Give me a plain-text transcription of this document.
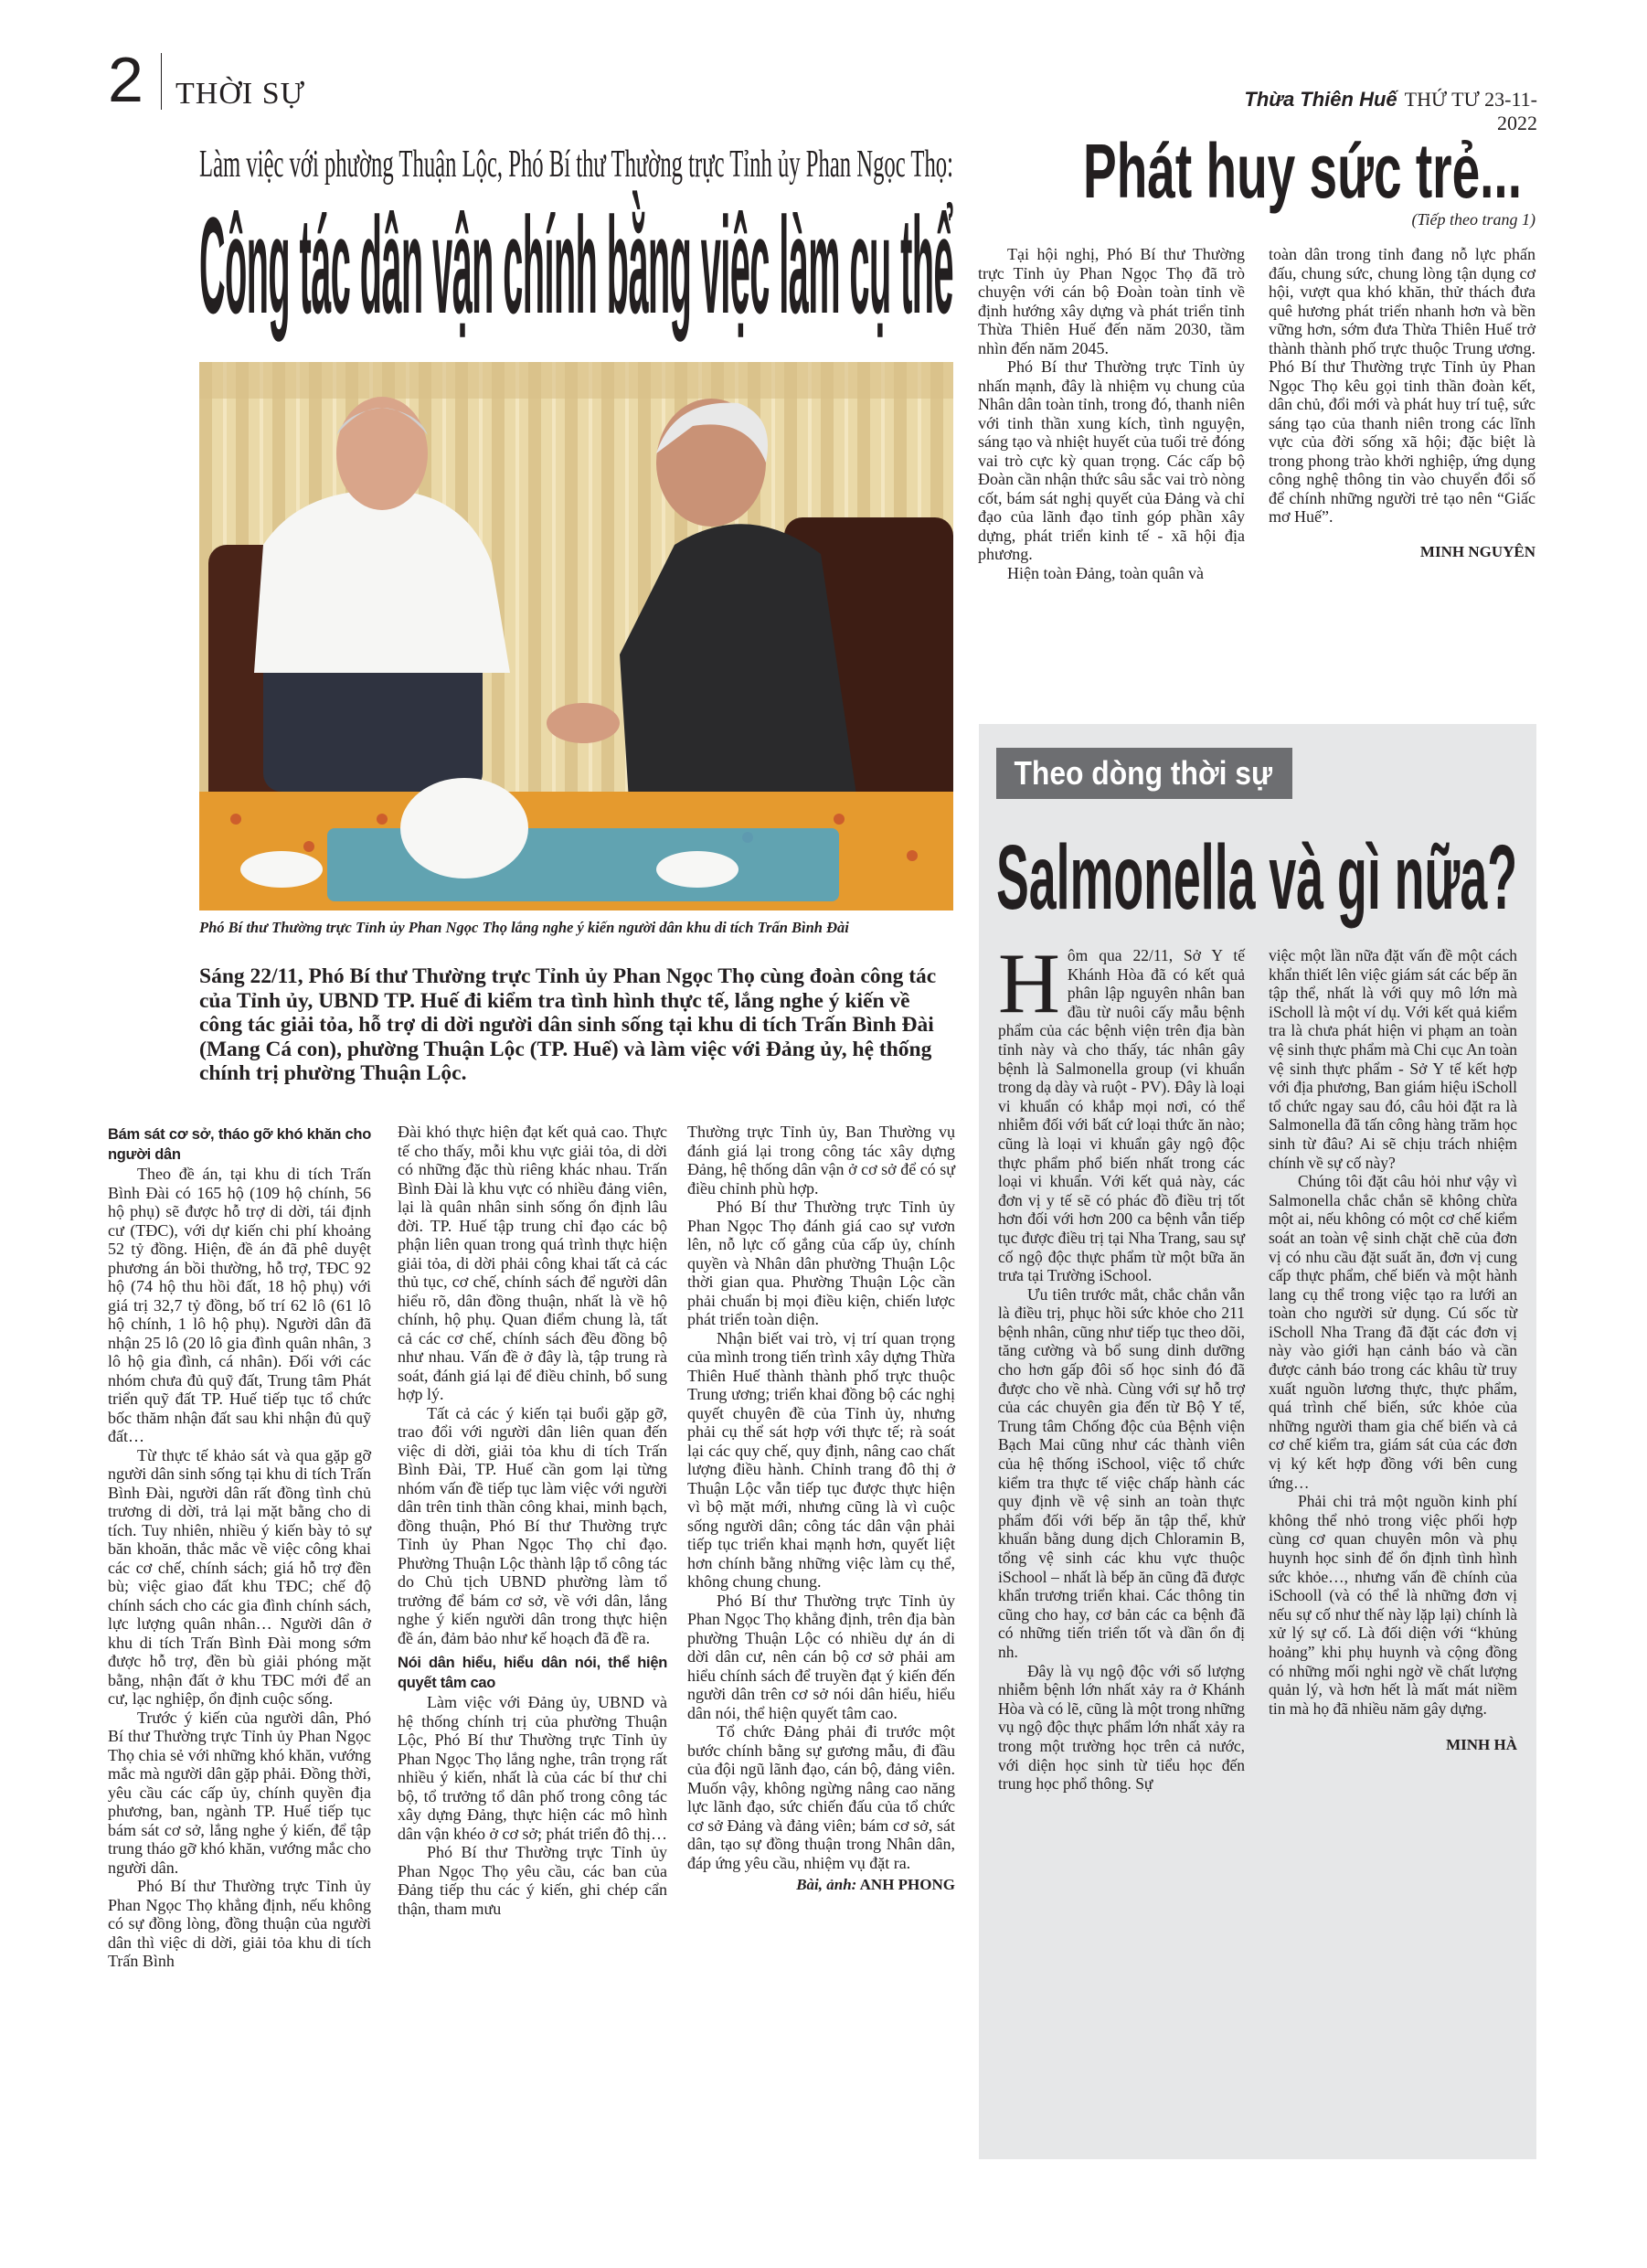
2 THỜI SỰ	Thừa Thiên Huế THỨ TƯ 23-11-2022
Làm việc với phường Thuận Lộc, Phó Bí thư Thường trực Tỉnh ủy Phan Ngọc Thọ:
Công tác dân vận chính bằng việc làm cụ thể
Phó Bí thư Thường trực Tỉnh ủy Phan Ngọc Thọ lắng nghe ý kiến người dân khu di tích Trấn Bình Đài
Sáng 22/11, Phó Bí thư Thường trực Tỉnh ủy Phan Ngọc Thọ cùng đoàn công tác của Tỉnh ủy, UBND TP. Huế đi kiểm tra tình hình thực tế, lắng nghe ý kiến về công tác giải tỏa, hỗ trợ di dời người dân sinh sống tại khu di tích Trấn Bình Đài (Mang Cá con), phường Thuận Lộc (TP. Huế) và làm việc với Đảng ủy, hệ thống chính trị phường Thuận Lộc.
Bám sát cơ sở, tháo gỡ khó khăn cho người dân

Theo đề án, tại khu di tích Trấn Bình Đài có 165 hộ (109 hộ chính, 56 hộ phụ) sẽ được hỗ trợ di dời, tái định cư (TĐC), với dự kiến chi phí khoảng 52 tỷ đồng. Hiện, đề án đã phê duyệt phương án bồi thường, hỗ trợ, TĐC 92 hộ (74 hộ thu hồi đất, 18 hộ phụ) với giá trị 32,7 tỷ đồng, bố trí 62 lô (61 lô hộ chính, 1 lô hộ phụ). Người dân đã nhận 25 lô (20 lô gia đình quân nhân, 3 lô hộ gia đình, cá nhân). Đối với các nhóm chưa đủ quỹ đất, Trung tâm Phát triển quỹ đất TP. Huế tiếp tục tổ chức bốc thăm nhận đất sau khi nhận đủ quỹ đất…

Từ thực tế khảo sát và qua gặp gỡ người dân sinh sống tại khu di tích Trấn Bình Đài, người dân rất đồng tình chủ trương di dời, trả lại mặt bằng cho di tích. Tuy nhiên, nhiều ý kiến bày tỏ sự băn khoăn, thắc mắc về việc công khai các cơ chế, chính sách; giá hỗ trợ đền bù; việc giao đất khu TĐC; chế độ chính sách cho các gia đình chính sách, lực lượng quân nhân… Người dân ở khu di tích Trấn Bình Đài mong sớm được hỗ trợ, đền bù giải phóng mặt bằng, nhận đất ở khu TĐC mới để an cư, lạc nghiệp, ổn định cuộc sống.

Trước ý kiến của người dân, Phó Bí thư Thường trực Tỉnh ủy Phan Ngọc Thọ chia sẻ với những khó khăn, vướng mắc mà người dân gặp phải. Đồng thời, yêu cầu các cấp ủy, chính quyền địa phương, ban, ngành TP. Huế tiếp tục bám sát cơ sở, lắng nghe ý kiến, để tập trung tháo gỡ khó khăn, vướng mắc cho người dân.

Phó Bí thư Thường trực Tỉnh ủy Phan Ngọc Thọ khẳng định, nếu không có sự đồng lòng, đồng thuận của người dân thì việc di dời, giải tỏa khu di tích Trấn Bình

Đài khó thực hiện đạt kết quả cao. Thực tế cho thấy, mỗi khu vực giải tỏa, di dời có những đặc thù riêng khác nhau. Trấn Bình Đài là khu vực có nhiều đảng viên, lại là quân nhân sinh sống ổn định lâu đời. TP. Huế tập trung chỉ đạo các bộ phận liên quan trong quá trình thực hiện giải tỏa, di dời phải công khai tất cả các thủ tục, cơ chế, chính sách để người dân hiểu rõ, dân đồng thuận, nhất là về hộ chính, hộ phụ. Quan điểm chung là, tất cả các cơ chế, chính sách đều đồng bộ như nhau. Vấn đề ở đây là, tập trung rà soát, đánh giá lại để điều chỉnh, bổ sung hợp lý.

Tất cả các ý kiến tại buổi gặp gỡ, trao đổi với người dân liên quan đến việc di dời, giải tỏa khu di tích Trấn Bình Đài, TP. Huế cần gom lại từng nhóm vấn đề tiếp tục làm việc với người dân trên tinh thần công khai, minh bạch, đồng thuận, Phó Bí thư Thường trực Tỉnh ủy Phan Ngọc Thọ chỉ đạo. Phường Thuận Lộc thành lập tổ công tác do Chủ tịch UBND phường làm tổ trưởng để bám cơ sở, về với dân, lắng nghe ý kiến người dân trong thực hiện đề án, đảm bảo như kế hoạch đã đề ra.

Nói dân hiểu, hiểu dân nói, thể hiện quyết tâm cao

Làm việc với Đảng ủy, UBND và hệ thống chính trị của phường Thuận Lộc, Phó Bí thư Thường trực Tỉnh ủy Phan Ngọc Thọ lắng nghe, trân trọng rất nhiều ý kiến, nhất là của các bí thư chi bộ, tổ trưởng tổ dân phố trong công tác xây dựng Đảng, thực hiện các mô hình dân vận khéo ở cơ sở; phát triển đô thị…

Phó Bí thư Thường trực Tỉnh ủy Phan Ngọc Thọ yêu cầu, các ban của Đảng tiếp thu các ý kiến, ghi chép cẩn thận, tham mưu

Thường trực Tỉnh ủy, Ban Thường vụ đánh giá lại trong công tác xây dựng Đảng, hệ thống dân vận ở cơ sở để có sự điều chỉnh phù hợp.

Phó Bí thư Thường trực Tỉnh ủy Phan Ngọc Thọ đánh giá cao sự vươn lên, nỗ lực cố gắng của cấp ủy, chính quyền và Nhân dân phường Thuận Lộc thời gian qua. Phường Thuận Lộc cần phải chuẩn bị mọi điều kiện, chiến lược phát triển toàn diện.

Nhận biết vai trò, vị trí quan trọng của mình trong tiến trình xây dựng Thừa Thiên Huế thành thành phố trực thuộc Trung ương; triển khai đồng bộ các nghị quyết chuyên đề của Tỉnh ủy, nhưng phải cụ thể sát hợp với thực tế; rà soát lại các quy chế, quy định, nâng cao chất lượng điều hành. Chỉnh trang đô thị ở Thuận Lộc vẫn tiếp tục được thực hiện vì bộ mặt mới, nhưng cũng là vì cuộc sống người dân; công tác dân vận phải tiếp tục triển khai mạnh hơn, quyết liệt hơn chính bằng những việc làm cụ thể, không chung chung.

Phó Bí thư Thường trực Tỉnh ủy Phan Ngọc Thọ khẳng định, trên địa bàn phường Thuận Lộc có nhiều dự án di dời dân cư, nên cán bộ cơ sở phải am hiểu chính sách để truyền đạt ý kiến đến người dân trên cơ sở nói dân hiểu, hiểu dân nói, thể hiện quyết tâm cao.

Tổ chức Đảng phải đi trước một bước chính bằng sự gương mẫu, đi đầu của đội ngũ lãnh đạo, cán bộ, đảng viên. Muốn vậy, không ngừng nâng cao năng lực lãnh đạo, sức chiến đấu của tổ chức cơ sở Đảng và đảng viên; bám cơ sở, sát dân, tạo sự đồng thuận trong Nhân dân, đáp ứng yêu cầu, nhiệm vụ đặt ra.

Bài, ảnh: ANH PHONG
Phát huy sức trẻ...
(Tiếp theo trang 1)

Tại hội nghị, Phó Bí thư Thường trực Tỉnh ủy Phan Ngọc Thọ đã trò chuyện với cán bộ Đoàn toàn tỉnh về định hướng xây dựng và phát triển tỉnh Thừa Thiên Huế đến năm 2030, tầm nhìn đến năm 2045.

Phó Bí thư Thường trực Tỉnh ủy nhấn mạnh, đây là nhiệm vụ chung của Nhân dân toàn tỉnh, trong đó, thanh niên với tinh thần xung kích, tình nguyện, sáng tạo và nhiệt huyết của tuổi trẻ đóng vai trò cực kỳ quan trọng. Các cấp bộ Đoàn cần nhận thức sâu sắc vai trò nòng cốt, bám sát nghị quyết của Đảng và chỉ đạo của lãnh đạo tỉnh góp phần xây dựng, phát triển kinh tế - xã hội địa phương.

Hiện toàn Đảng, toàn quân và

toàn dân trong tỉnh đang nỗ lực phấn đấu, chung sức, chung lòng tận dụng cơ hội, vượt qua khó khăn, thử thách đưa quê hương phát triển nhanh hơn và bền vững hơn, sớm đưa Thừa Thiên Huế trở thành thành phố trực thuộc Trung ương. Phó Bí thư Thường trực Tỉnh ủy Phan Ngọc Thọ kêu gọi tinh thần đoàn kết, dân chủ, đổi mới và phát huy trí tuệ, sức sáng tạo của thanh niên trong các lĩnh vực của đời sống xã hội; đặc biệt là trong phong trào khởi nghiệp, ứng dụng công nghệ thông tin vào chuyển đổi số để chính những người trẻ tạo nên “Giấc mơ Huế”.

MINH NGUYÊN
Theo dòng thời sự
Salmonella và gì nữa?

Hôm qua 22/11, Sở Y tế Khánh Hòa đã có kết quả phân lập nguyên nhân ban đầu từ nuôi cấy mẫu bệnh phẩm của các bệnh viện trên địa bàn tỉnh này và cho thấy, tác nhân gây bệnh là Salmonella group (vi khuẩn trong dạ dày và ruột - PV). Đây là loại vi khuẩn có khắp mọi nơi, có thể nhiễm đối với bất cứ loại thức ăn nào; cũng là loại vi khuẩn gây ngộ độc thực phẩm phổ biến nhất trong các loại vi khuẩn. Với kết quả này, các đơn vị y tế sẽ có phác đồ điều trị tốt hơn đối với hơn 200 ca bệnh vẫn tiếp tục được điều trị tại Nha Trang, sau sự cố ngộ độc thực phẩm từ một bữa ăn trưa tại Trường iSchool.

Ưu tiên trước mắt, chắc chắn vẫn là điều trị, phục hồi sức khỏe cho 211 bệnh nhân, cũng như tiếp tục theo dõi, tăng cường và bổ sung dinh dưỡng cho hơn gấp đôi số học sinh đó đã được cho về nhà. Cùng với sự hỗ trợ của các chuyên gia đến từ Bộ Y tế, Trung tâm Chống độc của Bệnh viện Bạch Mai cũng như các thành viên của hệ thống iSchool, việc tổ chức kiểm tra thực tế việc chấp hành các quy định về vệ sinh an toàn thực phẩm đối với bếp ăn tập thể, khử khuẩn bằng dung dịch Chloramin B, tổng vệ sinh các khu vực thuộc iSchool – nhất là bếp ăn cũng đã được khẩn trương triển khai. Các thông tin cũng cho hay, cơ bản các ca bệnh đã có những tiến triển tốt và dần ổn đị nh.

Đây là vụ ngộ độc với số lượng nhiễm bệnh lớn nhất xảy ra ở Khánh Hòa và có lẽ, cũng là một trong những vụ ngộ độc thực phẩm lớn nhất xảy ra trong một trường học trên cả nước, với diện học sinh từ tiểu học đến trung học phổ thông. Sự

việc một lần nữa đặt vấn đề một cách khẩn thiết lên việc giám sát các bếp ăn tập thể, nhất là với quy mô lớn mà iScholl là một ví dụ. Với kết quả kiểm tra là chưa phát hiện vi phạm an toàn vệ sinh thực phẩm mà Chi cục An toàn vệ sinh thực phẩm - Sở Y tế kết hợp với địa phương, Ban giám hiệu iScholl tổ chức ngay sau đó, câu hỏi đặt ra là Salmonella đã tấn công hàng trăm học sinh từ đâu? Ai sẽ chịu trách nhiệm chính về sự cố này?

Chúng tôi đặt câu hỏi như vậy vì Salmonella chắc chắn sẽ không chừa một ai, nếu không có một cơ chế kiểm soát an toàn vệ sinh chặt chẽ của đơn vị có nhu cầu đặt suất ăn, đơn vị cung cấp thực phẩm, chế biến và một hành lang cụ thể trong việc tạo ra lưới an toàn cho người sử dụng. Cú sốc từ iScholl Nha Trang đã đặt các đơn vị này vào giới hạn cảnh báo và cần được cảnh báo trong các khâu từ truy xuất nguồn lương thực, thực phẩm, quá trình chế biến, sức khỏe của những người tham gia chế biến và cả cơ chế kiểm tra, giám sát của các đơn vị ký kết hợp đồng với bên cung ứng…

Phải chi trả một nguồn kinh phí không thể nhỏ trong việc phối hợp cùng cơ quan chuyên môn và phụ huynh học sinh để ổn định tình hình sức khỏe…, nhưng vấn đề chính của iSchooll (và có thể là những đơn vị nếu sự cố như thế này lặp lại) chính là xử lý sự cố. Là đối diện với “khủng hoảng” khi phụ huynh và cộng đồng có những mối nghi ngờ về chất lượng quản lý, và hơn hết là mất mát niềm tin mà họ đã nhiều năm gây dựng.

MINH HÀ
